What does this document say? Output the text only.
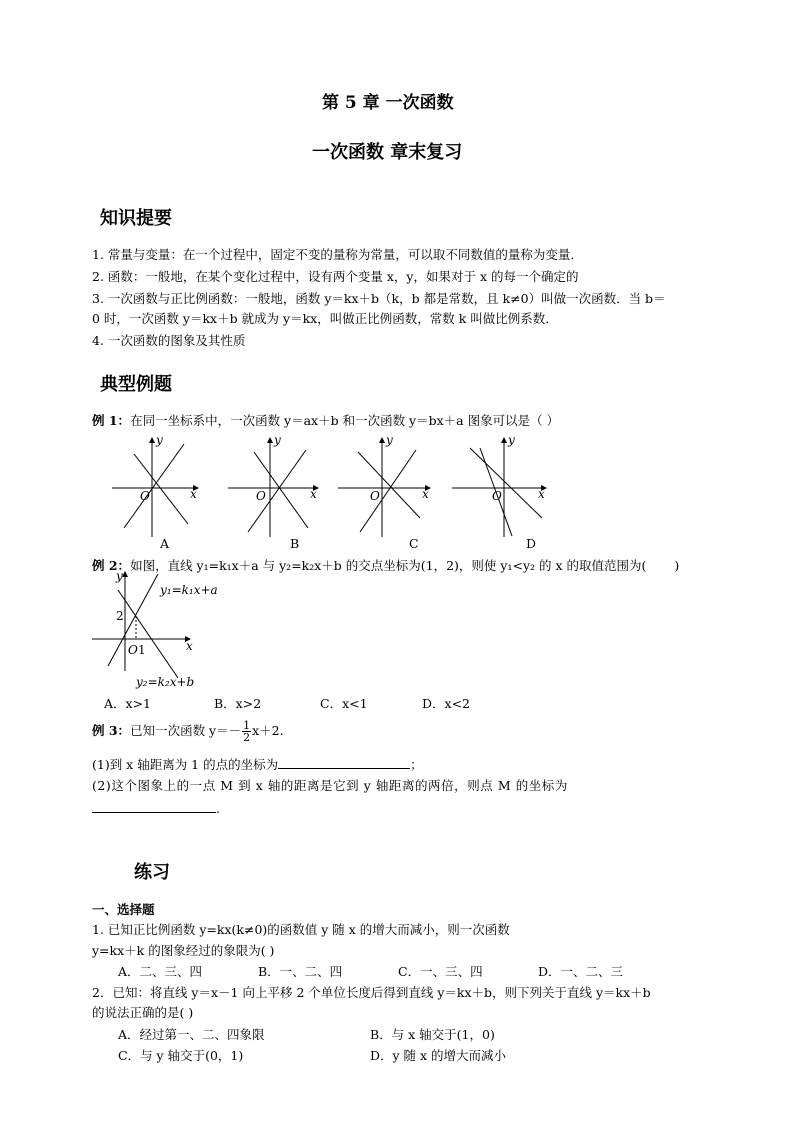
第 5 章 一次函数
一次函数 章末复习
知识提要
1. 常量与变量：在一个过程中，固定不变的量称为常量，可以取不同数值的量称为变量．
2. 函数：一般地，在某个变化过程中，设有两个变量 x，y，如果对于 x 的每一个确定的
3. 一次函数与正比例函数：一般地，函数 y＝kx＋b（k，b 都是常数，且 k≠0）叫做一次函数．当 b＝
0 时，一次函数 y＝kx＋b 就成为 y＝kx，叫做正比例函数，常数 k 叫做比例系数．
4. 一次函数的图象及其性质
典型例题
例 1：在同一坐标系中，一次函数 y＝ax＋b 和一次函数 y＝bx＋a 图象可以是（ ）
x
y
O	x
y
O	x
y
O	x
y
O
A	B	C	D
例 2：如图，直线 y₁=k₁x＋a 与 y₂=k₂x＋b 的交点坐标为(1，2)，则使 y₁<y₂ 的 x 的取值范围为( )
y₁=k₁x+a
y₂=k₂x+b
2
O 1	x
y
A．x>1	B．x>2	C．x<1	D．x<2
例 3：已知一次函数 $y=- \frac{1}{2} x+2$.
(1)到 x 轴距离为 1 的点的坐标为	；
(2)这个图象上的一点 M 到 x 轴的距离是它到 y 轴距离的两倍，则点 M 的坐标为
.
练习
一、选择题
1. 已知正比例函数 y=kx(k≠0)的函数值 y 随 x 的增大而减小，则一次函数
y=kx＋k 的图象经过的象限为( )
A．二、三、四	B．一、二、四	C．一、三、四	D．一、二、三
2．已知：将直线 y＝x－1 向上平移 2 个单位长度后得到直线 y＝kx＋b，则下列关于直线 y＝kx＋b
的说法正确的是( )
A．经过第一、二、四象限	B．与 x 轴交于(1，0)
C．与 y 轴交于(0，1)	D．y 随 x 的增大而减小
